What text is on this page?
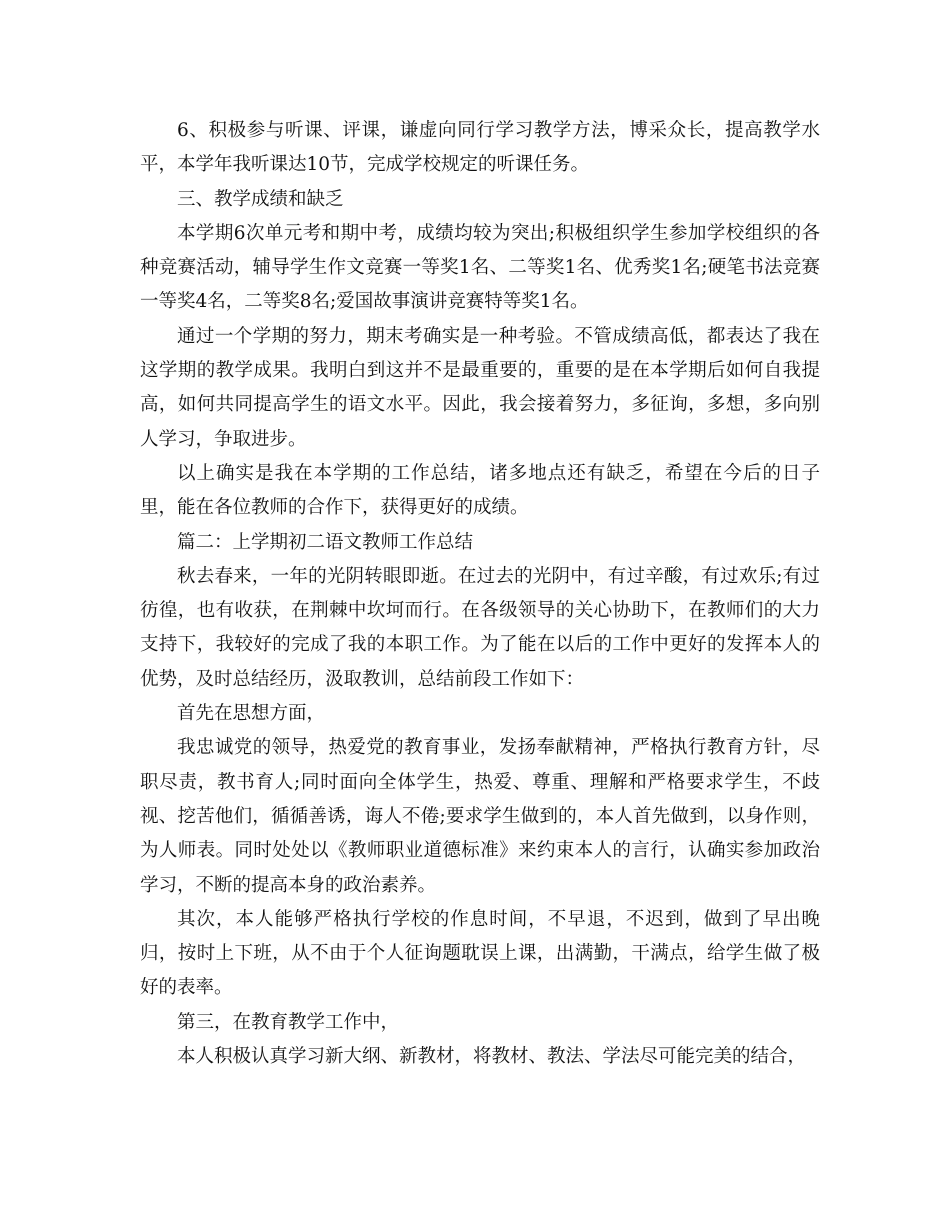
6、积极参与听课、评课，谦虚向同行学习教学方法，博采众长，提高教学水平，本学年我听课达10节，完成学校规定的听课任务。

三、教学成绩和缺乏

本学期6次单元考和期中考，成绩均较为突出;积极组织学生参加学校组织的各种竞赛活动，辅导学生作文竞赛一等奖1名、二等奖1名、优秀奖1名;硬笔书法竞赛一等奖4名，二等奖8名;爱国故事演讲竞赛特等奖1名。

通过一个学期的努力，期末考确实是一种考验。不管成绩高低，都表达了我在这学期的教学成果。我明白到这并不是最重要的，重要的是在本学期后如何自我提高，如何共同提高学生的语文水平。因此，我会接着努力，多征询，多想，多向别人学习，争取进步。

以上确实是我在本学期的工作总结，诸多地点还有缺乏，希望在今后的日子里，能在各位教师的合作下，获得更好的成绩。

篇二：上学期初二语文教师工作总结

秋去春来，一年的光阴转眼即逝。在过去的光阴中，有过辛酸，有过欢乐;有过彷徨，也有收获，在荆棘中坎坷而行。在各级领导的关心协助下，在教师们的大力支持下，我较好的完成了我的本职工作。为了能在以后的工作中更好的发挥本人的优势，及时总结经历，汲取教训，总结前段工作如下：

首先在思想方面，

我忠诚党的领导，热爱党的教育事业，发扬奉献精神，严格执行教育方针，尽职尽责，教书育人;同时面向全体学生，热爱、尊重、理解和严格要求学生，不歧视、挖苦他们，循循善诱，诲人不倦;要求学生做到的，本人首先做到，以身作则，为人师表。同时处处以《教师职业道德标准》来约束本人的言行，认确实参加政治学习，不断的提高本身的政治素养。

其次，本人能够严格执行学校的作息时间，不早退，不迟到，做到了早出晚归，按时上下班，从不由于个人征询题耽误上课，出满勤，干满点，给学生做了极好的表率。

第三，在教育教学工作中，

本人积极认真学习新大纲、新教材，将教材、教法、学法尽可能完美的结合，
